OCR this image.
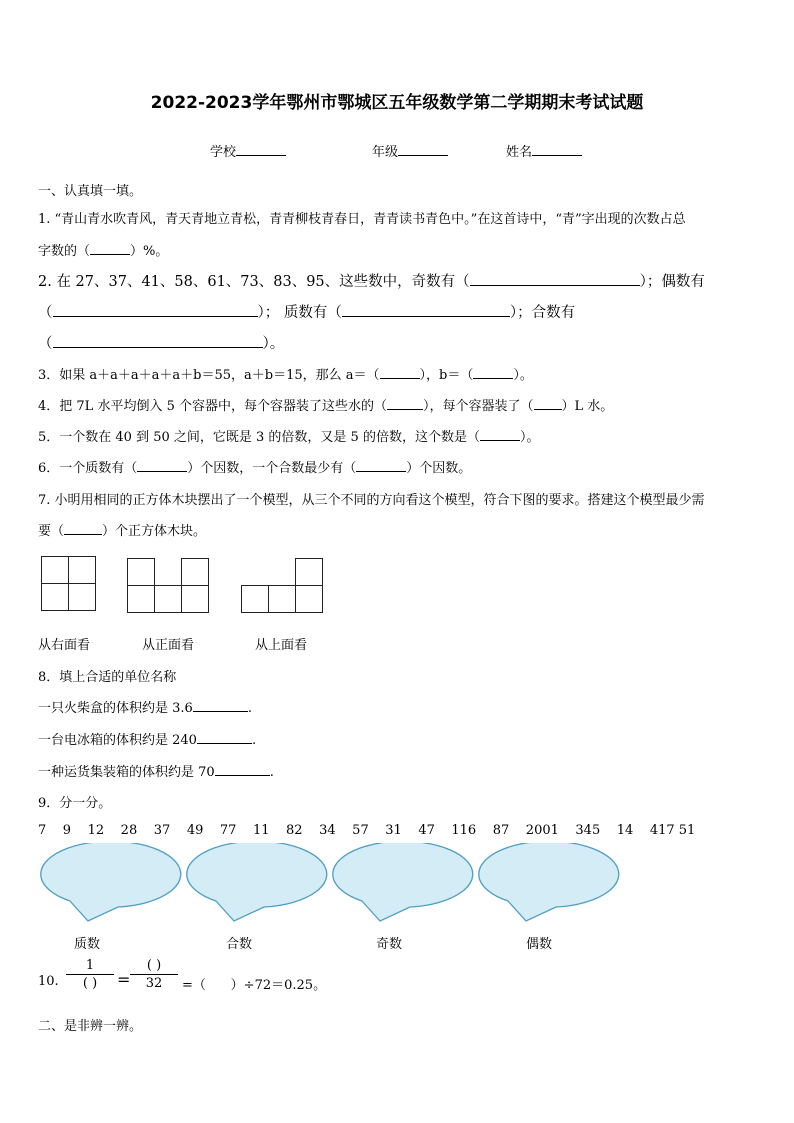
2022-2023学年鄂州市鄂城区五年级数学第二学期期末考试试题
学校	年级	姓名
一、认真填一填。
1. “青山青水吹青风，青天青地立青松，青青柳枝青春日，青青读书青色中。”在这首诗中，“青”字出现的次数占总
字数的（	）%。
2. 在 27、37、41、58、61、73、83、95、这些数中，奇数有（	）；偶数有
（	）； 质数有（	）；合数有
（	）。
3．如果 a＋a＋a＋a＋a＋b＝55，a＋b＝15，那么 a＝（	），b＝（	）。
4．把 7L 水平均倒入 5 个容器中，每个容器装了这些水的（	），每个容器装了（ ）L 水。
5．一个数在 40 到 50 之间，它既是 3 的倍数，又是 5 的倍数，这个数是（	）。
6．一个质数有（	）个因数，一个合数最少有（	）个因数。
7. 小明用相同的正方体木块摆出了一个模型，从三个不同的方向看这个模型，符合下图的要求。搭建这个模型最少需
要（	）个正方体木块。
从右面看	从正面看	从上面看
8．填上合适的单位名称
一只火柴盒的体积约是 3.6	.
一台电冰箱的体积约是 240	.
一种运货集装箱的体积约是 70	.
9．分一分。
7    9    12    28    37    49    77    11    82    34    57    31    47    116    87    2001    345    14    417 51
质数	合数	奇数	偶数
10.
1
( )	=
( )
32	=（      ）÷72＝0.25。
二、是非辨一辨。
